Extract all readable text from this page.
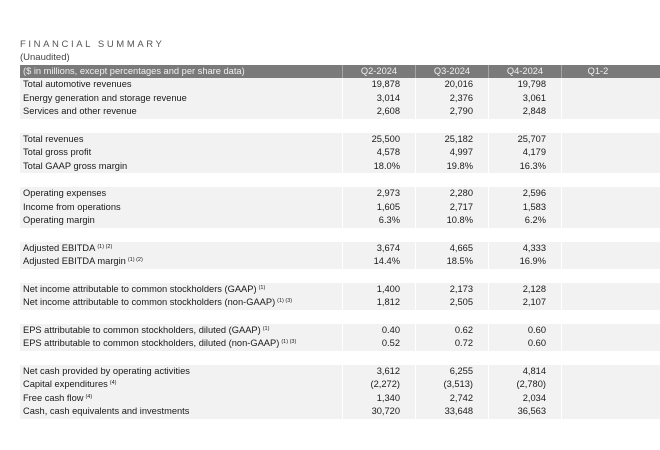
FINANCIAL SUMMARY
(Unaudited)
($ in millions, except percentages and per share data)	Q2-2024	Q3-2024	Q4-2024	Q1-2
Total automotive revenues	19,878	20,016	19,798
Energy generation and storage revenue	3,014	2,376	3,061
Services and other revenue	2,608	2,790	2,848
Total revenues	25,500	25,182	25,707
Total gross profit	4,578	4,997	4,179
Total GAAP gross margin	18.0%	19.8%	16.3%
Operating expenses	2,973	2,280	2,596
Income from operations	1,605	2,717	1,583
Operating margin	6.3%	10.8%	6.2%
Adjusted EBITDA $^{(1) (2)}$	3,674	4,665	4,333
Adjusted EBITDA margin $^{(1) (2)}$	14.4%	18.5%	16.9%
Net income attributable to common stockholders (GAAP) $^{(1)}$	1,400	2,173	2,128
Net income attributable to common stockholders (non-GAAP) $^{(1) (3)}$	1,812	2,505	2,107
EPS attributable to common stockholders, diluted (GAAP) $^{(1)}$	0.40	0.62	0.60
EPS attributable to common stockholders, diluted (non-GAAP) $^{(1) (3)}$	0.52	0.72	0.60
Net cash provided by operating activities	3,612	6,255	4,814
Capital expenditures $^{(4)}$	(2,272)	(3,513)	(2,780)
Free cash flow $^{(4)}$	1,340	2,742	2,034
Cash, cash equivalents and investments	30,720	33,648	36,563
